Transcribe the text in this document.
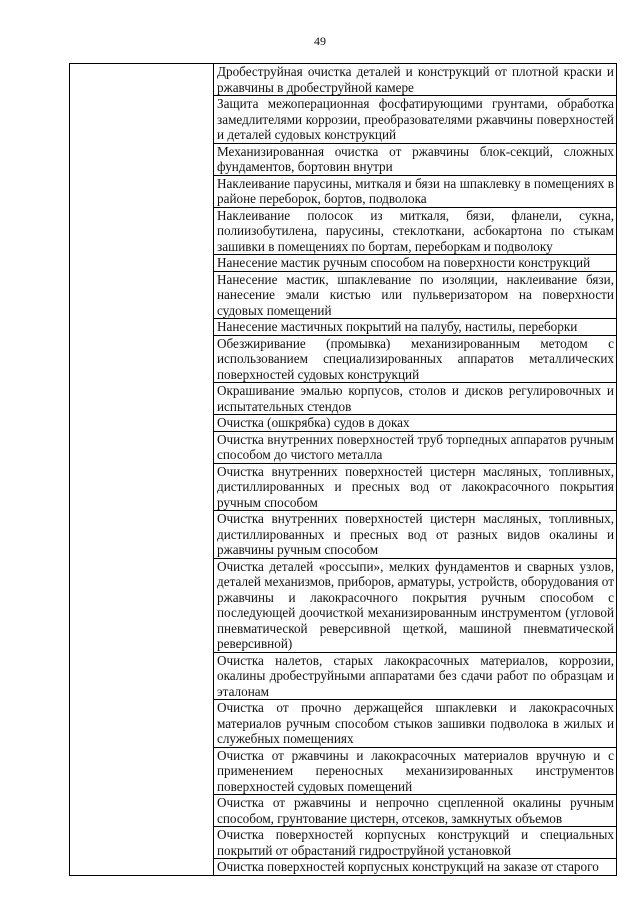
49
	Дробеструйная очистка деталей и конструкций от плотной краски и ржавчины в дробеструйной камере
Защита межоперационная фосфатирующими грунтами, обработка замедлителями коррозии, преобразователями ржавчины поверхностей и деталей судовых конструкций
Механизированная очистка от ржавчины блок-секций, сложных фундаментов, бортовин внутри
Наклеивание парусины, миткаля и бязи на шпаклевку в помещениях в районе переборок, бортов, подволока
Наклеивание полосок из миткаля, бязи, фланели, сукна, полиизобутилена, парусины, стеклоткани, асбокартона по стыкам зашивки в помещениях по бортам, переборкам и подволоку
Нанесение мастик ручным способом на поверхности конструкций
Нанесение мастик, шпаклевание по изоляции, наклеивание бязи, нанесение эмали кистью или пульверизатором на поверхности судовых помещений
Нанесение мастичных покрытий на палубу, настилы, переборки
Обезжиривание (промывка) механизированным методом с использованием специализированных аппаратов металлических поверхностей судовых конструкций
Окрашивание эмалью корпусов, столов и дисков регулировочных и испытательных стендов
Очистка (ошкрябка) судов в доках
Очистка внутренних поверхностей труб торпедных аппаратов ручным способом до чистого металла
Очистка внутренних поверхностей цистерн масляных, топливных, дистиллированных и пресных вод от лакокрасочного покрытия ручным способом
Очистка внутренних поверхностей цистерн масляных, топливных, дистиллированных и пресных вод от разных видов окалины и ржавчины ручным способом
Очистка деталей «россыпи», мелких фундаментов и сварных узлов, деталей механизмов, приборов, арматуры, устройств, оборудования от ржавчины и лакокрасочного покрытия ручным способом с последующей доочисткой механизированным инструментом (угловой пневматической реверсивной щеткой, машиной пневматической реверсивной)
Очистка налетов, старых лакокрасочных материалов, коррозии, окалины дробеструйными аппаратами без сдачи работ по образцам и эталонам
Очистка от прочно держащейся шпаклевки и лакокрасочных материалов ручным способом стыков зашивки подволока в жилых и служебных помещениях
Очистка от ржавчины и лакокрасочных материалов вручную и с применением переносных механизированных инструментов поверхностей судовых помещений
Очистка от ржавчины и непрочно сцепленной окалины ручным способом, грунтование цистерн, отсеков, замкнутых объемов
Очистка поверхностей корпусных конструкций и специальных покрытий от обрастаний гидроструйной установкой
Очистка поверхностей корпусных конструкций на заказе от старого
